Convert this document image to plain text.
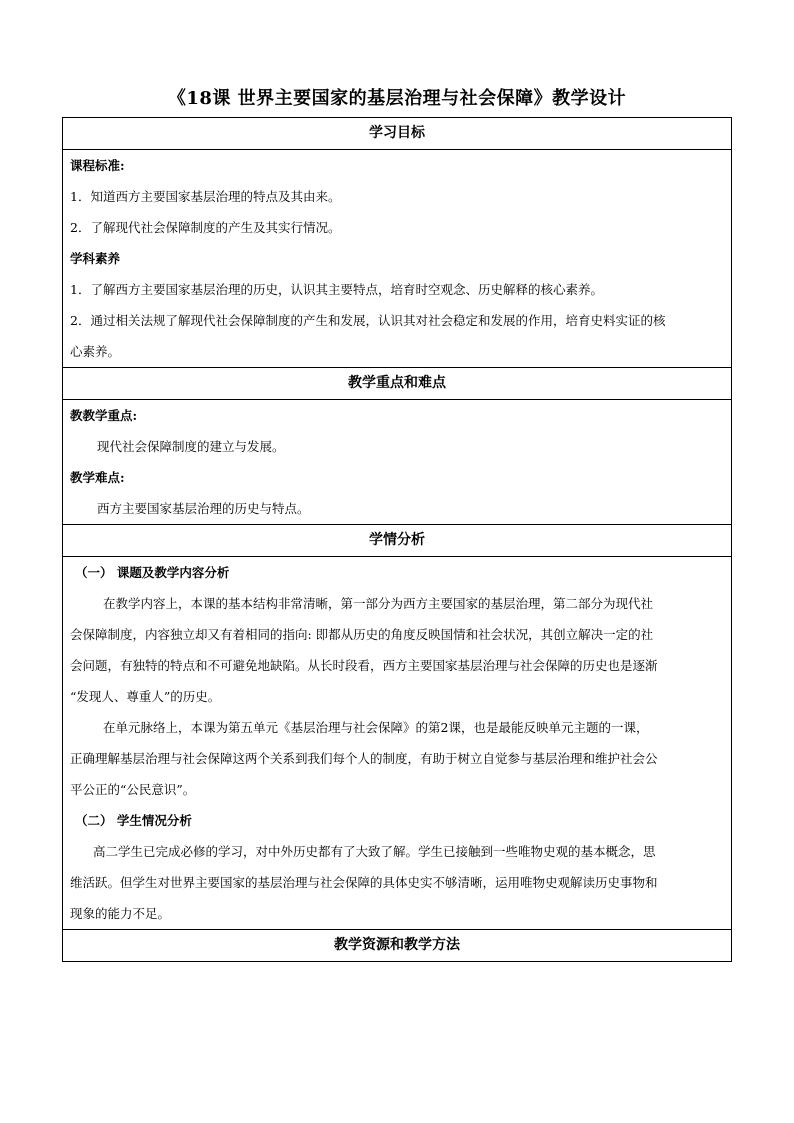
《18课 世界主要国家的基层治理与社会保障》教学设计
学习目标

课程标准:
1．知道西方主要国家基层治理的特点及其由来。
2．了解现代社会保障制度的产生及其实行情况。
学科素养
1．了解西方主要国家基层治理的历史，认识其主要特点，培育时空观念、历史解释的核心素养。
2．通过相关法规了解现代社会保障制度的产生和发展，认识其对社会稳定和发展的作用，培育史料实证的核
心素养。

教学重点和难点

教教学重点:
现代社会保障制度的建立与发展。
教学难点:
西方主要国家基层治理的历史与特点。

学情分析

（一） 课题及教学内容分析
在教学内容上，本课的基本结构非常清晰，第一部分为西方主要国家的基层治理，第二部分为现代社
会保障制度，内容独立却又有着相同的指向: 即都从历史的角度反映国情和社会状况，其创立解决一定的社
会问题，有独特的特点和不可避免地缺陷。从长时段看，西方主要国家基层治理与社会保障的历史也是逐渐
“发现人、尊重人”的历史。
在单元脉络上，本课为第五单元《基层治理与社会保障》的第2课，也是最能反映单元主题的一课，
正确理解基层治理与社会保障这两个关系到我们每个人的制度，有助于树立自觉参与基层治理和维护社会公
平公正的“公民意识”。
（二） 学生情况分析
高二学生已完成必修的学习，对中外历史都有了大致了解。学生已接触到一些唯物史观的基本概念，思
维活跃。但学生对世界主要国家的基层治理与社会保障的具体史实不够清晰，运用唯物史观解读历史事物和
现象的能力不足。

教学资源和教学方法
